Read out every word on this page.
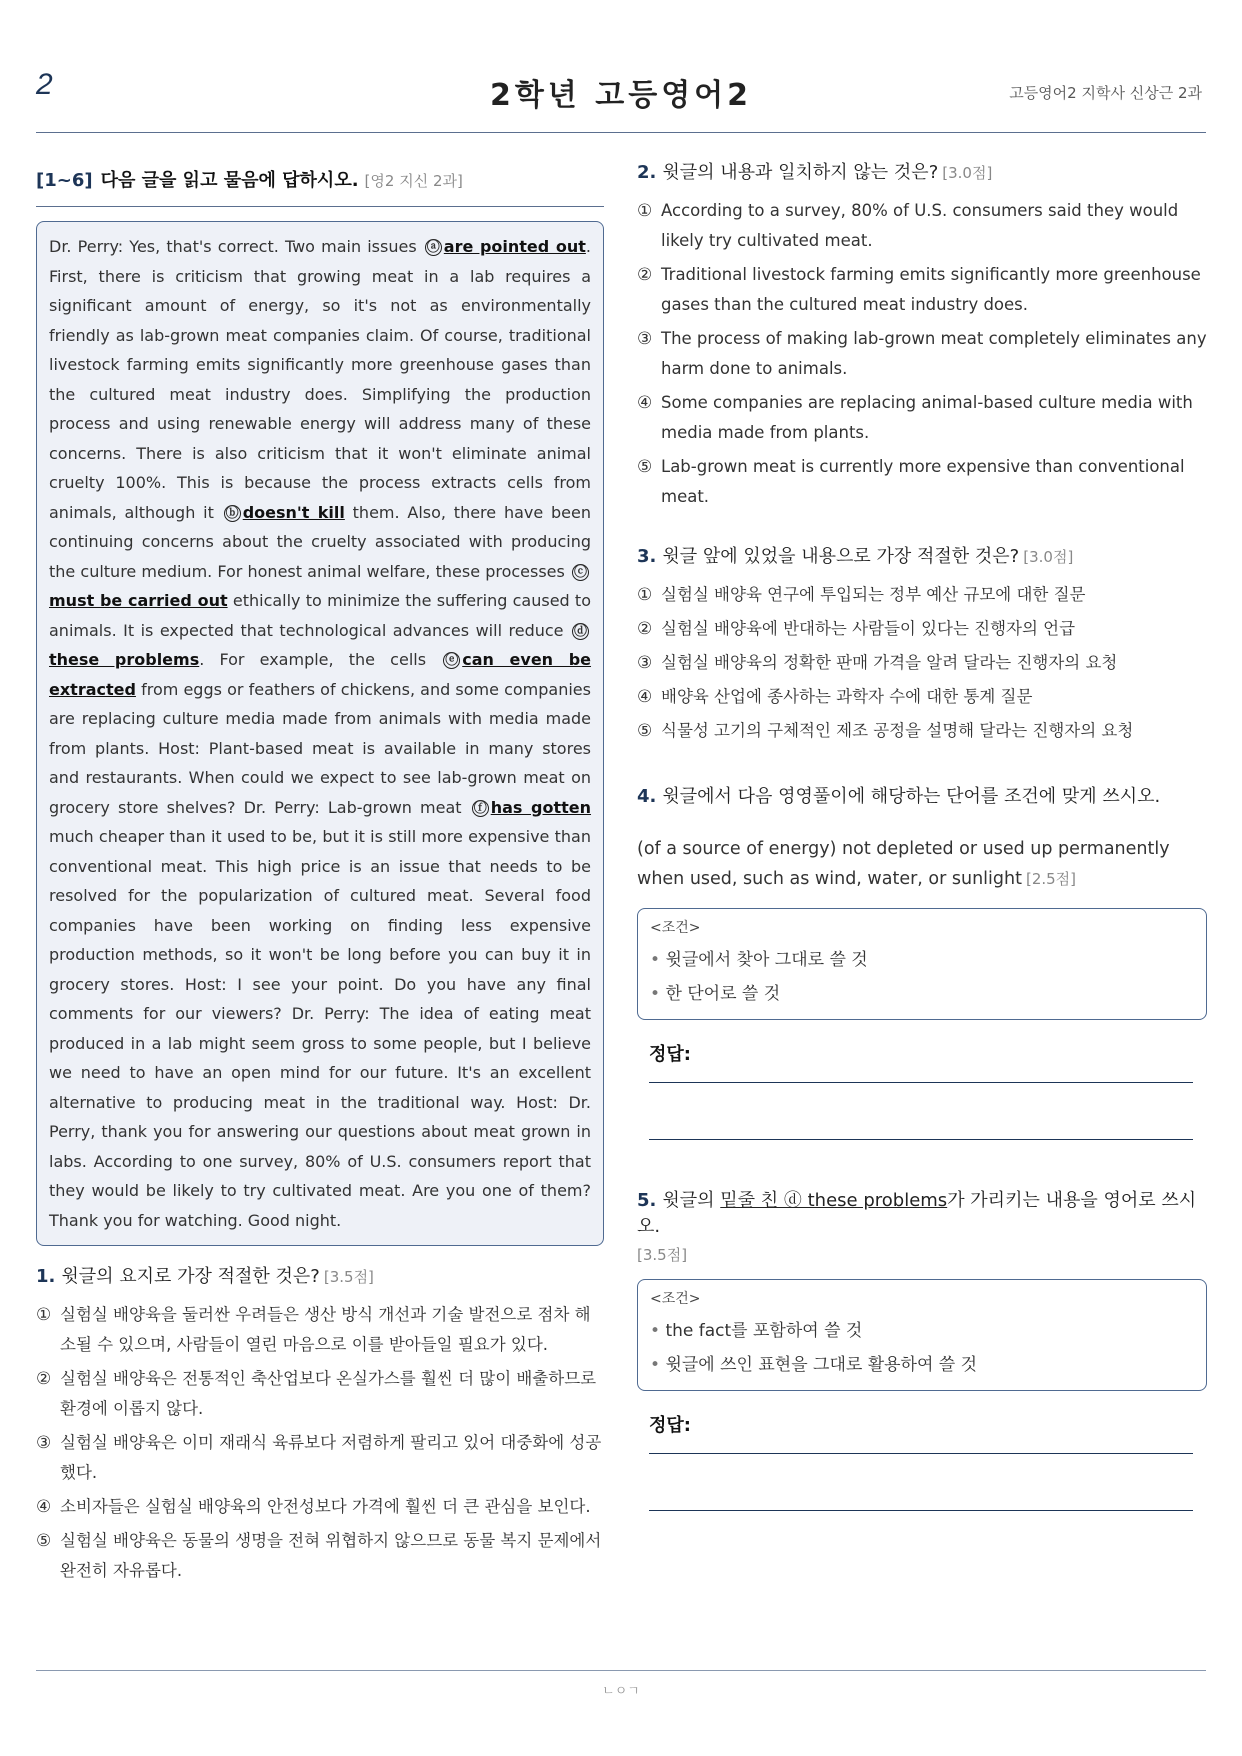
2	2학년 고등영어2	고등영어2 지학사 신상근 2과
[1~6] 다음 글을 읽고 물음에 답하시오. [영2 지신 2과]
Dr. Perry: Yes, that's correct. Two main issues ⓐ are pointed out. First, there is criticism that growing meat in a lab requires a significant amount of energy, so it's not as environmentally friendly as lab-grown meat companies claim. Of course, traditional livestock farming emits significantly more greenhouse gases than the cultured meat industry does. Simplifying the production process and using renewable energy will address many of these concerns. There is also criticism that it won't eliminate animal cruelty 100%. This is because the process extracts cells from animals, although it ⓑ doesn't kill them. Also, there have been continuing concerns about the cruelty associated with producing the culture medium. For honest animal welfare, these processes ⓒmust be carried out ethically to minimize the suffering caused to animals. It is expected that technological advances will reduce ⓓthese problems. For example, the cells ⓔ can even be extracted from eggs or feathers of chickens, and some companies are replacing culture media made from animals with media made from plants. Host: Plant-based meat is available in many stores and restaurants. When could we expect to see lab-grown meat on grocery store shelves? Dr. Perry: Lab-grown meat ⓕ has gotten much cheaper than it used to be, but it is still more expensive than conventional meat. This high price is an issue that needs to be resolved for the popularization of cultured meat. Several food companies have been working on finding less expensive production methods, so it won't be long before you can buy it in grocery stores. Host: I see your point. Do you have any final comments for our viewers? Dr. Perry: The idea of eating meat produced in a lab might seem gross to some people, but I believe we need to have an open mind for our future. It's an excellent alternative to producing meat in the traditional way. Host: Dr. Perry, thank you for answering our questions about meat grown in labs. According to one survey, 80% of U.S. consumers report that they would be likely to try cultivated meat. Are you one of them? Thank you for watching. Good night.
1. 윗글의 요지로 가장 적절한 것은? [3.5점]
① 실험실 배양육을 둘러싼 우려들은 생산 방식 개선과 기술 발전으로 점차 해소될 수 있으며, 사람들이 열린 마음으로 이를 받아들일 필요가 있다.
② 실험실 배양육은 전통적인 축산업보다 온실가스를 훨씬 더 많이 배출하므로 환경에 이롭지 않다.
③ 실험실 배양육은 이미 재래식 육류보다 저렴하게 팔리고 있어 대중화에 성공했다.
④ 소비자들은 실험실 배양육의 안전성보다 가격에 훨씬 더 큰 관심을 보인다.
⑤ 실험실 배양육은 동물의 생명을 전혀 위협하지 않으므로 동물 복지 문제에서 완전히 자유롭다.
2. 윗글의 내용과 일치하지 않는 것은? [3.0점]
① According to a survey, 80% of U.S. consumers said they would likely try cultivated meat.
② Traditional livestock farming emits significantly more greenhouse gases than the cultured meat industry does.
③ The process of making lab-grown meat completely eliminates any harm done to animals.
④ Some companies are replacing animal-based culture media with media made from plants.
⑤ Lab-grown meat is currently more expensive than conventional meat.
3. 윗글 앞에 있었을 내용으로 가장 적절한 것은? [3.0점]
① 실험실 배양육 연구에 투입되는 정부 예산 규모에 대한 질문
② 실험실 배양육에 반대하는 사람들이 있다는 진행자의 언급
③ 실험실 배양육의 정확한 판매 가격을 알려 달라는 진행자의 요청
④ 배양육 산업에 종사하는 과학자 수에 대한 통계 질문
⑤ 식물성 고기의 구체적인 제조 공정을 설명해 달라는 진행자의 요청
4. 윗글에서 다음 영영풀이에 해당하는 단어를 조건에 맞게 쓰시오.
(of a source of energy) not depleted or used up permanently when used, such as wind, water, or sunlight [2.5점]
<조건>
• 윗글에서 찾아 그대로 쓸 것
• 한 단어로 쓸 것
정답:
5. 윗글의 밑줄 친 ⓓ these problems가 가리키는 내용을 영어로 쓰시오.
[3.5점]
<조건>
• the fact를 포함하여 쓸 것
• 윗글에 쓰인 표현을 그대로 활용하여 쓸 것
정답:
ㄴㅇㄱ
